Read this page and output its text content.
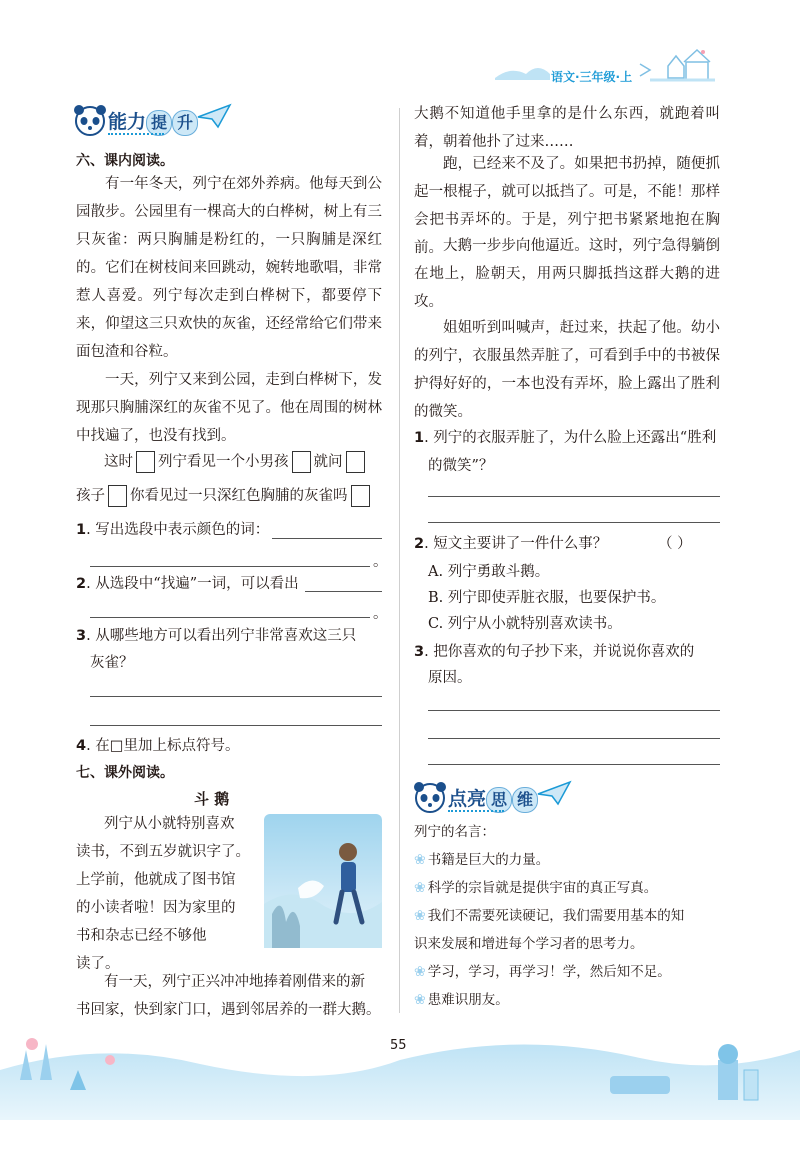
语文·三年级·上
能力 提 升
六、课内阅读。
有一年冬天，列宁在郊外养病。他每天到公园散步。公园里有一棵高大的白桦树，树上有三只灰雀：两只胸脯是粉红的，一只胸脯是深红的。它们在树枝间来回跳动，婉转地歌唱，非常惹人喜爱。列宁每次走到白桦树下，都要停下来，仰望这三只欢快的灰雀，还经常给它们带来面包渣和谷粒。
一天，列宁又来到公园，走到白桦树下，发现那只胸脯深红的灰雀不见了。他在周围的树林中找遍了，也没有找到。
这时 列宁看见一个小男孩 就问
孩子 你看见过一只深红色胸脯的灰雀吗
1. 写出选段中表示颜色的词：
。
2. 从选段中“找遍”一词，可以看出
。
3. 从哪些地方可以看出列宁非常喜欢这三只
灰雀？
4. 在□里加上标点符号。
七、课外阅读。
斗 鹅
列宁从小就特别喜欢
读书，不到五岁就识字了。
上学前，他就成了图书馆
的小读者啦！因为家里的
书和杂志已经不够他
读了。
有一天，列宁正兴冲冲地捧着刚借来的新
书回家，快到家门口，遇到邻居养的一群大鹅。
大鹅不知道他手里拿的是什么东西，就跑着叫着，朝着他扑了过来……
跑，已经来不及了。如果把书扔掉，随便抓起一根棍子，就可以抵挡了。可是，不能！那样会把书弄坏的。于是，列宁把书紧紧地抱在胸前。 大鹅一步步向他逼近。这时，列宁急得躺倒在地上，脸朝天，用两只脚抵挡这群大鹅的进攻。
姐姐听到叫喊声，赶过来，扶起了他。幼小的列宁，衣服虽然弄脏了，可看到手中的书被保护得好好的，一本也没有弄坏，脸上露出了胜利的微笑。
1. 列宁的衣服弄脏了，为什么脸上还露出“胜利
的微笑”？
2. 短文主要讲了一件什么事？	（ ）
A. 列宁勇敢斗鹅。
B. 列宁即使弄脏衣服，也要保护书。
C. 列宁从小就特别喜欢读书。
3. 把你喜欢的句子抄下来，并说说你喜欢的
原因。
点亮 思 维
列宁的名言：
❀ 书籍是巨大的力量。
❀ 科学的宗旨就是提供宇宙的真正写真。
❀ 我们不需要死读硬记，我们需要用基本的知
识来发展和增进每个学习者的思考力。
❀ 学习，学习，再学习！学，然后知不足。
❀ 患难识朋友。
55
